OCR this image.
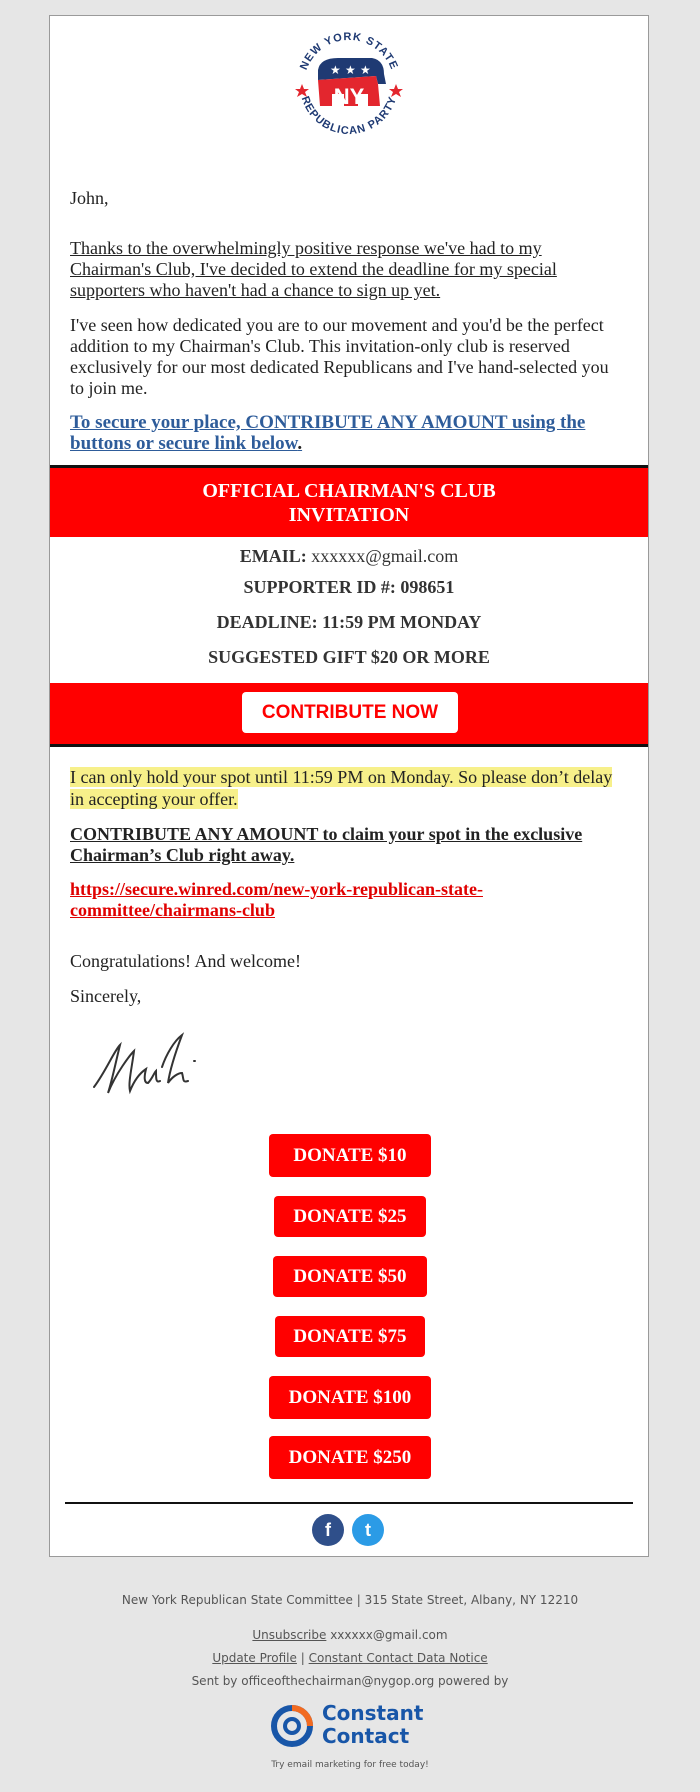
NEW YORK STATE
REPUBLICAN PARTY
★ ★ ★
NY
John,
Thanks to the overwhelmingly positive response we've had to my Chairman's Club, I've decided to extend the deadline for my special supporters who haven't had a chance to sign up yet.
I've seen how dedicated you are to our movement and you'd be the perfect addition to my Chairman's Club. This invitation-only club is reserved exclusively for our most dedicated Republicans and I've hand-selected you to join me.
To secure your place, CONTRIBUTE ANY AMOUNT using the buttons or secure link below.
OFFICIAL CHAIRMAN'S CLUB INVITATION
EMAIL: xxxxxx@gmail.com
SUPPORTER ID #: 098651
DEADLINE: 11:59 PM MONDAY
SUGGESTED GIFT $20 OR MORE
CONTRIBUTE NOW
I can only hold your spot until 11:59 PM on Monday. So please don’t delay in accepting your offer.
CONTRIBUTE ANY AMOUNT to claim your spot in the exclusive Chairman’s Club right away.
https://secure.winred.com/new-york-republican-state-committee/chairmans-club
Congratulations! And welcome!
Sincerely,
DONATE $10
DONATE $25
DONATE $50
DONATE $75
DONATE $100
DONATE $250
f	t
New York Republican State Committee | 315 State Street, Albany, NY 12210
Unsubscribe xxxxxx@gmail.com
Update Profile | Constant Contact Data Notice
Sent by officeofthechairman@nygop.org powered by
Constant
Contact
Try email marketing for free today!
